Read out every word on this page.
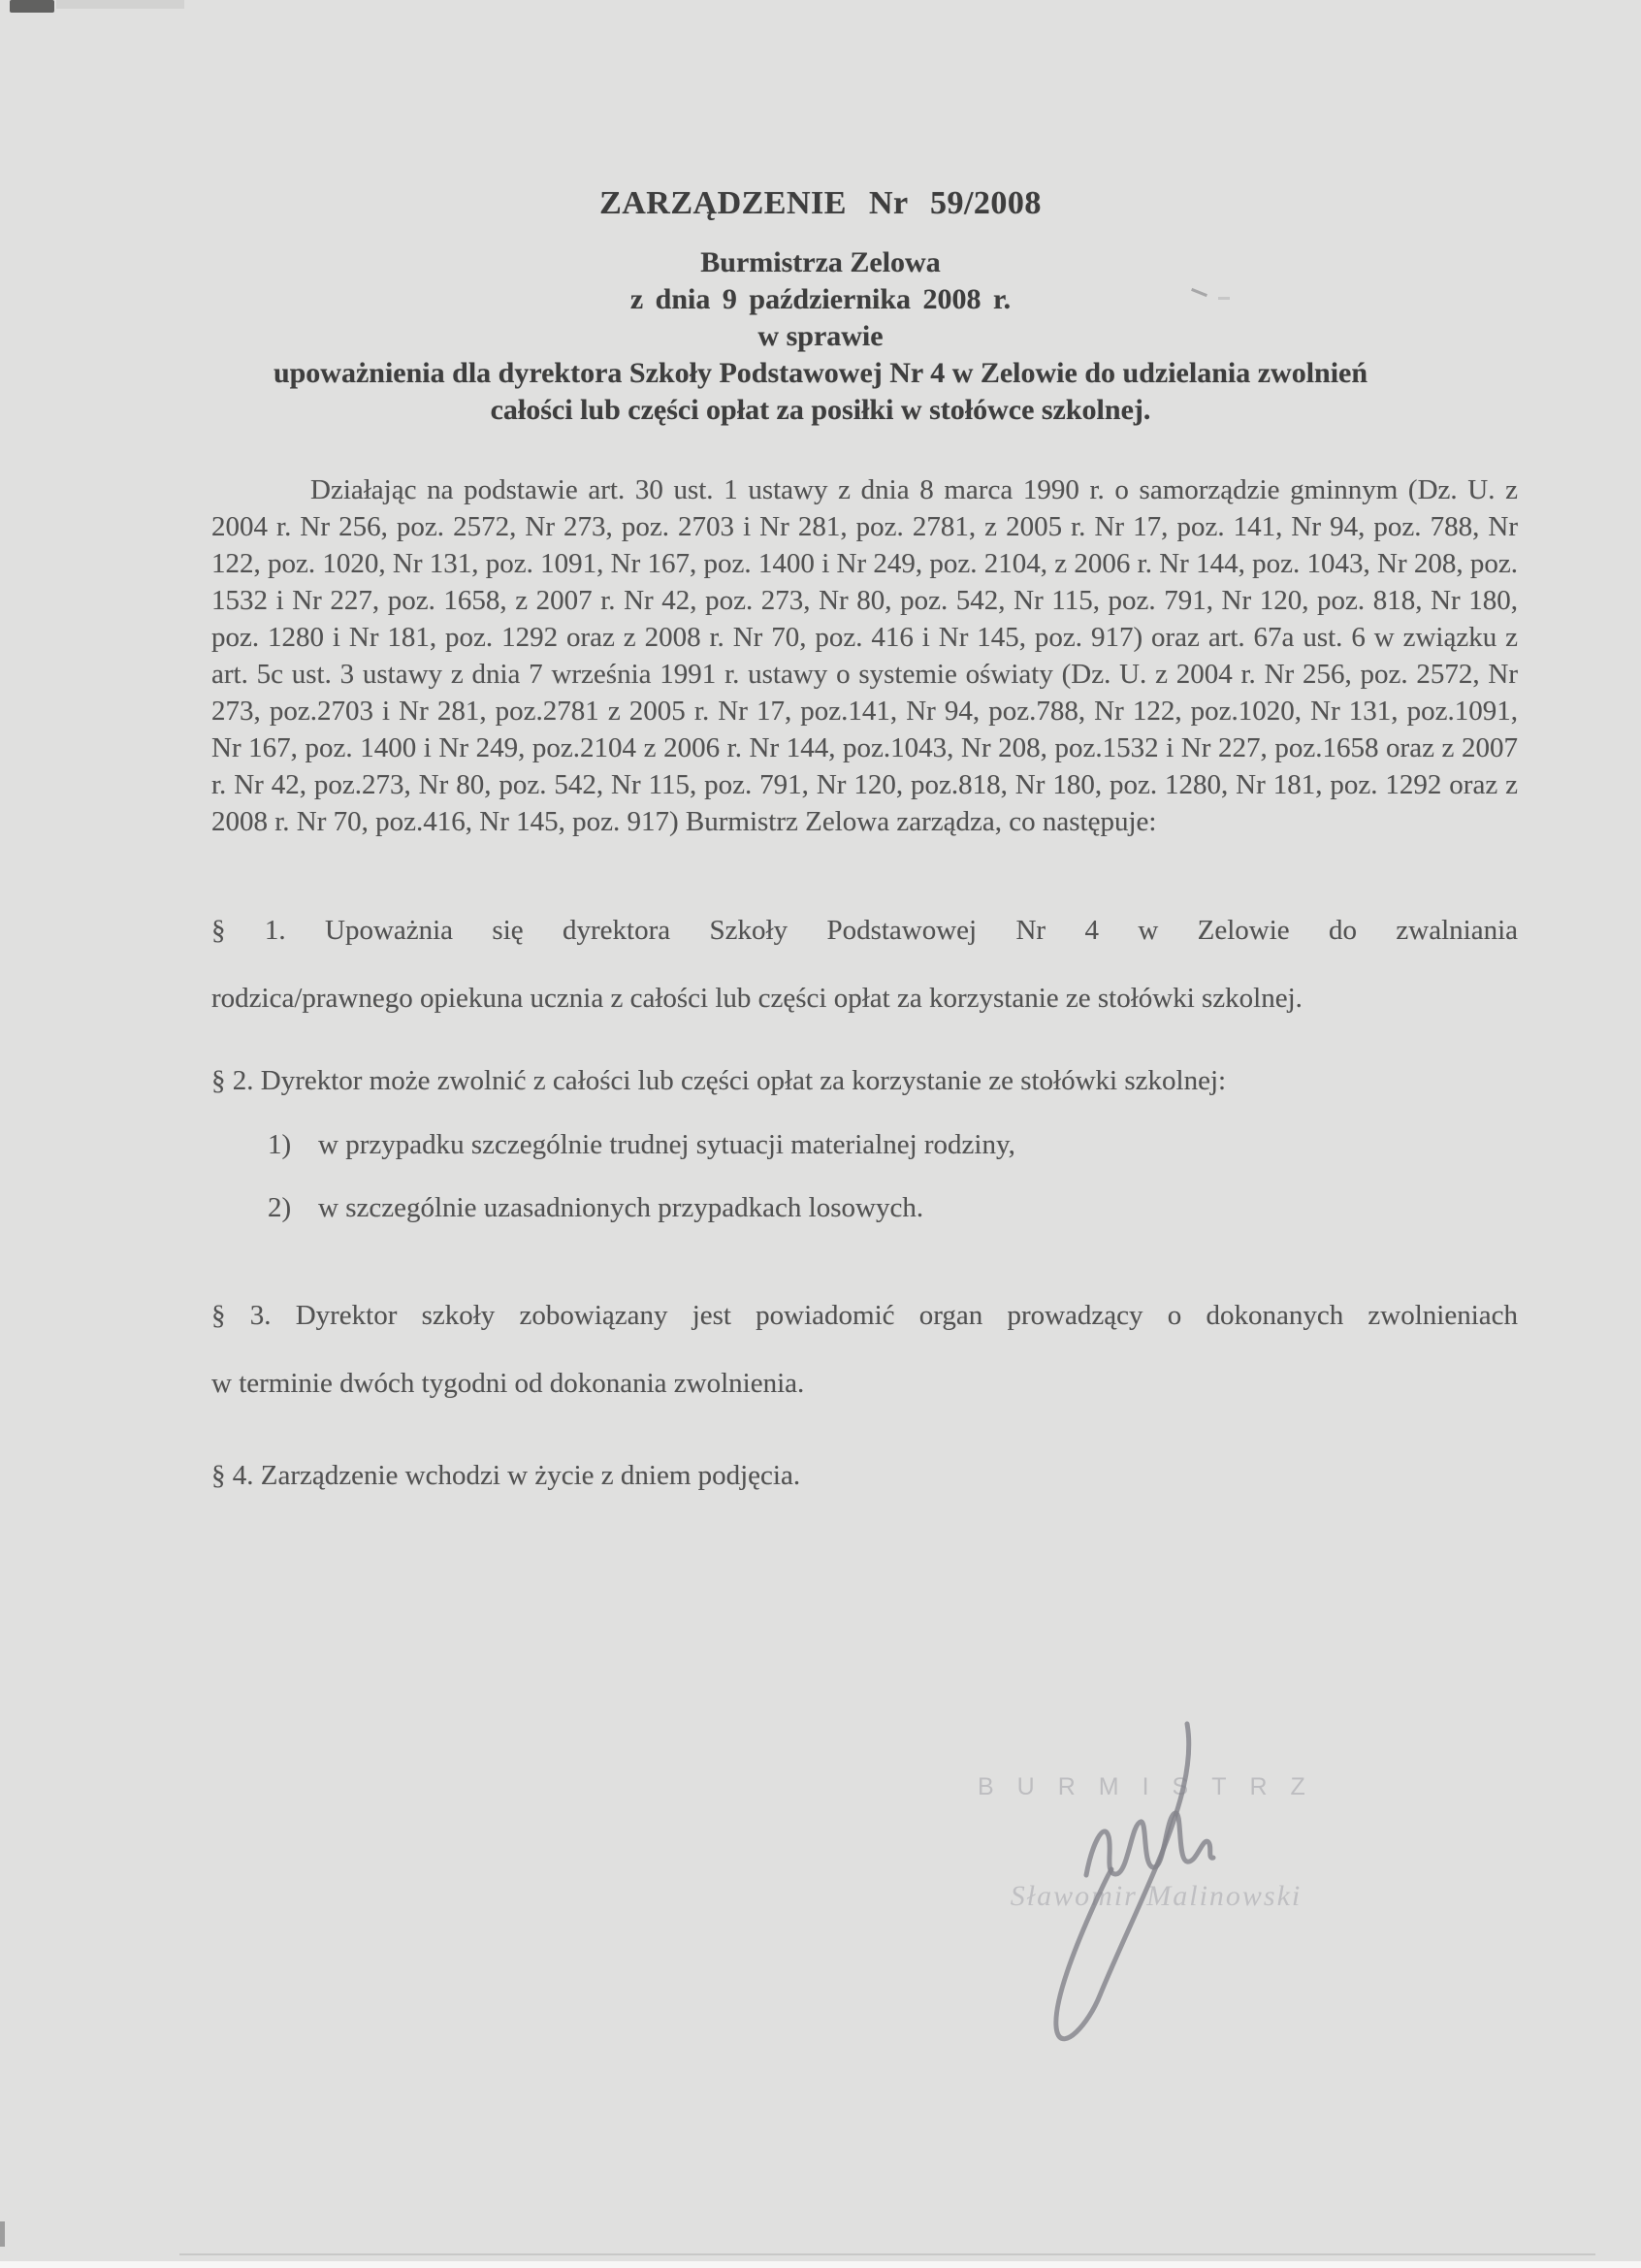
ZARZĄDZENIE Nr 59/2008

Burmistrza Zelowa

z dnia 9 października 2008 r.

w sprawie

upoważnienia dla dyrektora Szkoły Podstawowej Nr 4 w Zelowie do udzielania zwolnień

całości lub części opłat za posiłki w stołówce szkolnej.

Działając na podstawie art. 30 ust. 1 ustawy z dnia 8 marca 1990 r. o samorządzie gminnym (Dz. U. z 2004 r. Nr 256, poz. 2572, Nr 273, poz. 2703 i Nr 281, poz. 2781, z 2005 r. Nr 17, poz. 141, Nr 94, poz. 788, Nr 122, poz. 1020, Nr 131, poz. 1091, Nr 167, poz. 1400 i Nr 249, poz. 2104, z 2006 r. Nr 144, poz. 1043, Nr 208, poz. 1532 i Nr 227, poz. 1658, z 2007 r. Nr 42, poz. 273, Nr 80, poz. 542, Nr 115, poz. 791, Nr 120, poz. 818, Nr 180, poz. 1280 i Nr 181, poz. 1292 oraz z 2008 r. Nr 70, poz. 416 i Nr 145, poz. 917) oraz art. 67a ust. 6 w związku z art. 5c ust. 3 ustawy z dnia 7 września 1991 r. ustawy o systemie oświaty (Dz. U. z 2004 r. Nr 256, poz. 2572, Nr 273, poz.2703 i Nr 281, poz.2781 z 2005 r. Nr 17, poz.141, Nr 94, poz.788, Nr 122, poz.1020, Nr 131, poz.1091, Nr 167, poz. 1400 i Nr 249, poz.2104 z 2006 r. Nr 144, poz.1043, Nr 208, poz.1532 i Nr 227, poz.1658 oraz z 2007 r. Nr 42, poz.273, Nr 80, poz. 542, Nr 115, poz. 791, Nr 120, poz.818, Nr 180, poz. 1280, Nr 181, poz. 1292 oraz z 2008 r. Nr 70, poz.416, Nr 145, poz. 917) Burmistrz Zelowa zarządza, co następuje:

§ 1. Upoważnia się dyrektora Szkoły Podstawowej Nr 4 w Zelowie do zwalniania
rodzica/prawnego opiekuna ucznia z całości lub części opłat za korzystanie ze stołówki szkolnej.

§ 2. Dyrektor może zwolnić z całości lub części opłat za korzystanie ze stołówki szkolnej:

1) w przypadku szczególnie trudnej sytuacji materialnej rodziny,
2) w szczególnie uzasadnionych przypadkach losowych.

§ 3. Dyrektor szkoły zobowiązany jest powiadomić organ prowadzący o dokonanych zwolnieniach
w terminie dwóch tygodni od dokonania zwolnienia.

§ 4. Zarządzenie wchodzi w życie z dniem podjęcia.

BURMISTRZ
Sławomir Malinowski
